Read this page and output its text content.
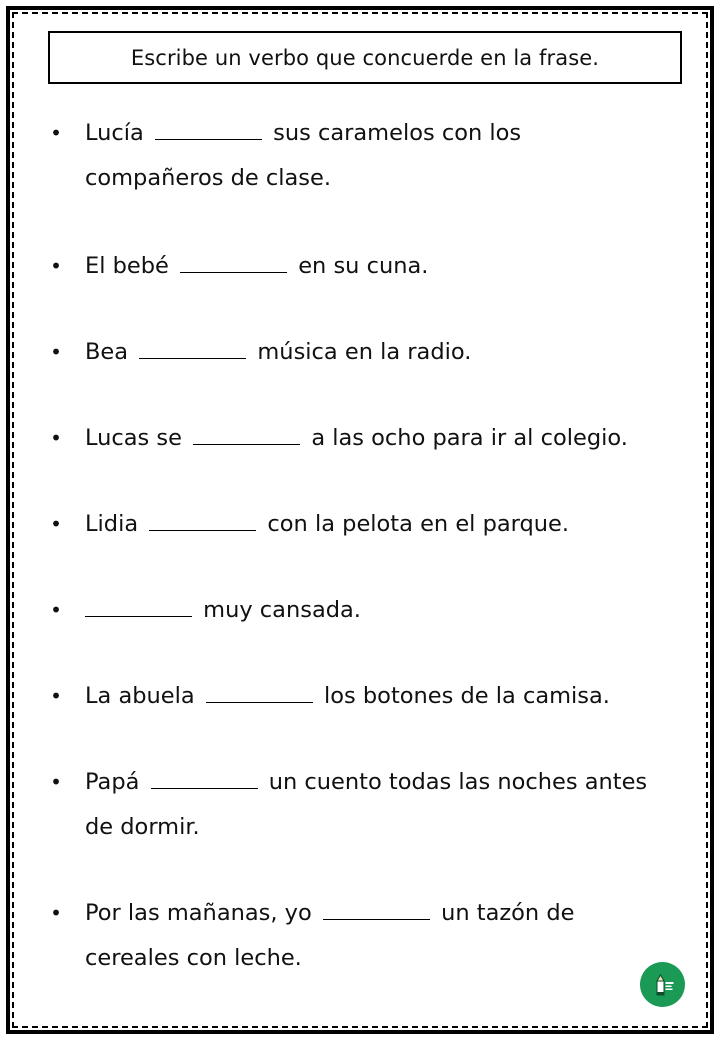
Escribe un verbo que concuerde en la frase.
• Lucía	sus caramelos con los compañeros de clase.
• El bebé	en su cuna.
• Bea	música en la radio.
• Lucas se	a las ocho para ir al colegio.
• Lidia	con la pelota en el parque.
•	muy cansada.
• La abuela	los botones de la camisa.
• Papá	un cuento todas las noches antes de dormir.
• Por las mañanas, yo	un tazón de cereales con leche.
